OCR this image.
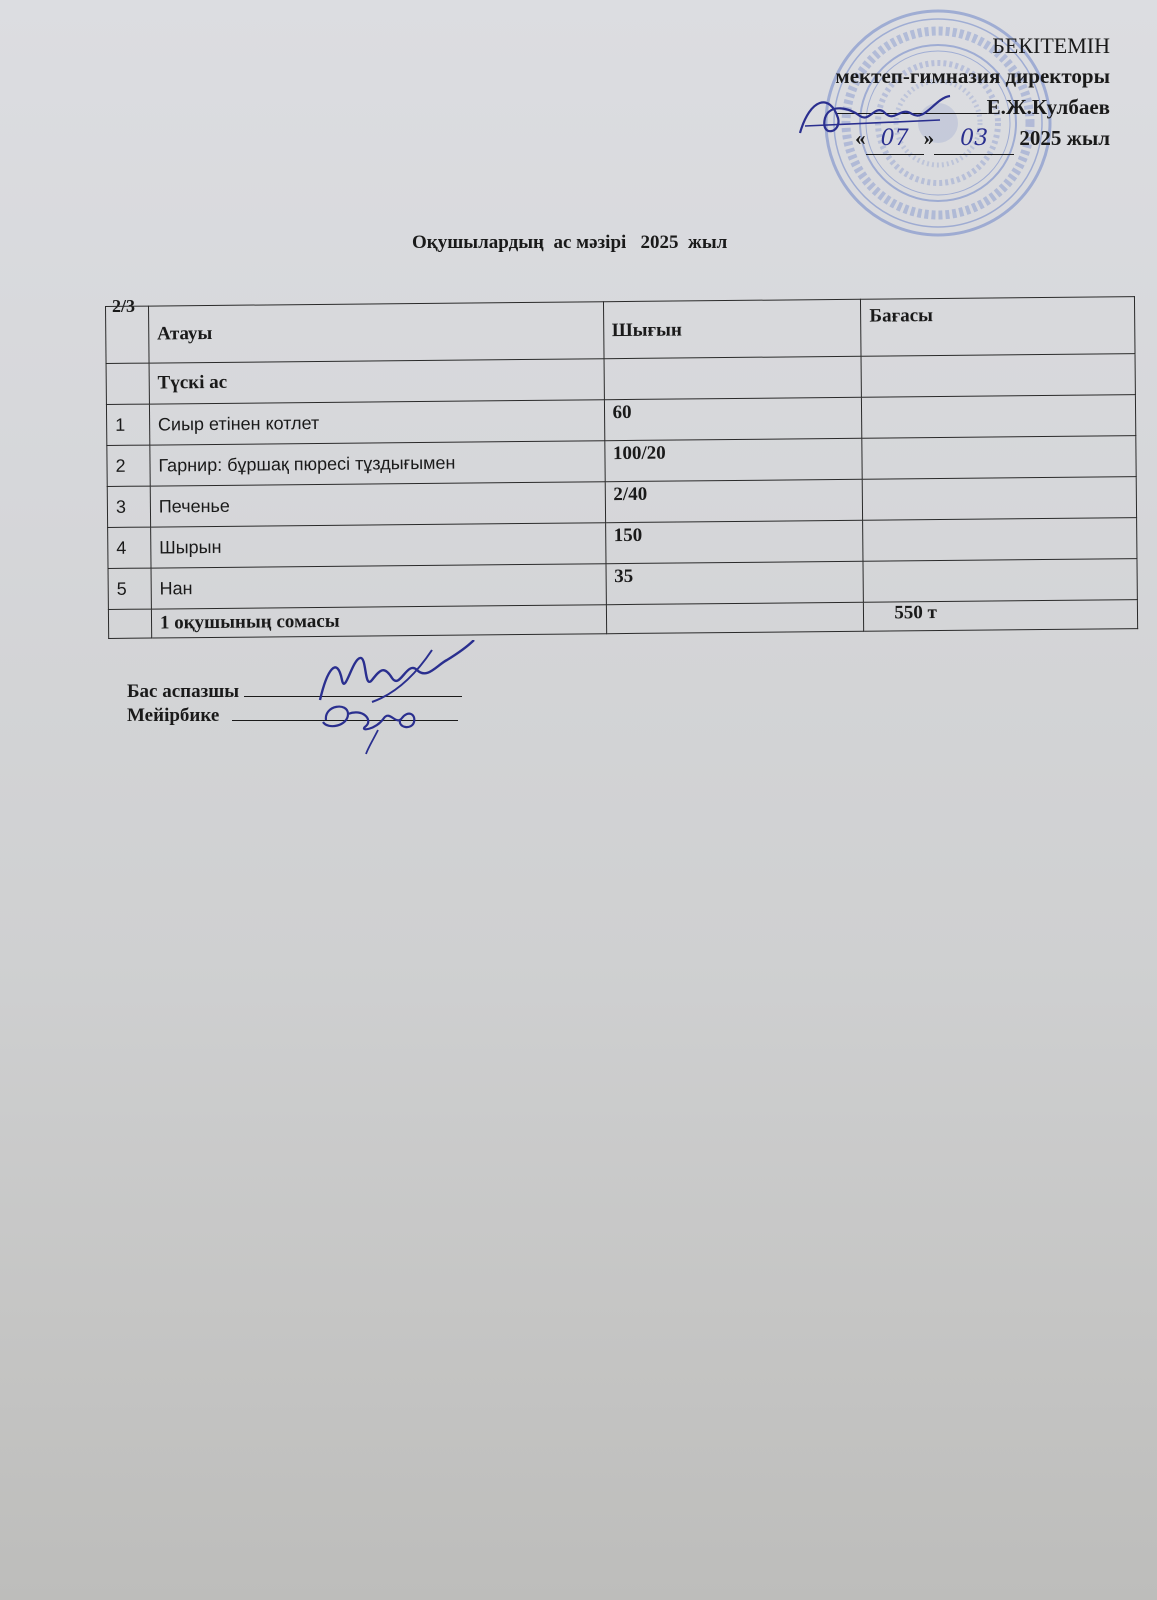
БЕКІТЕМІН
мектеп-гимназия директоры
Е.Ж.Кулбаев
« 07 » 03 2025 жыл
Оқушылардың  ас мәзірі   2025  жыл
2/3
	Атауы	Шығын	Бағасы
	Түскі ас		
1	Сиыр етінен котлет	60	
2	Гарнир: бұршақ пюресі тұздығымен	100/20	
3	Печенье	2/40	
4	Шырын	150	
5	Нан	35	
	1 оқушының сомасы		550 т
Бас аспазшы
Мейірбике
